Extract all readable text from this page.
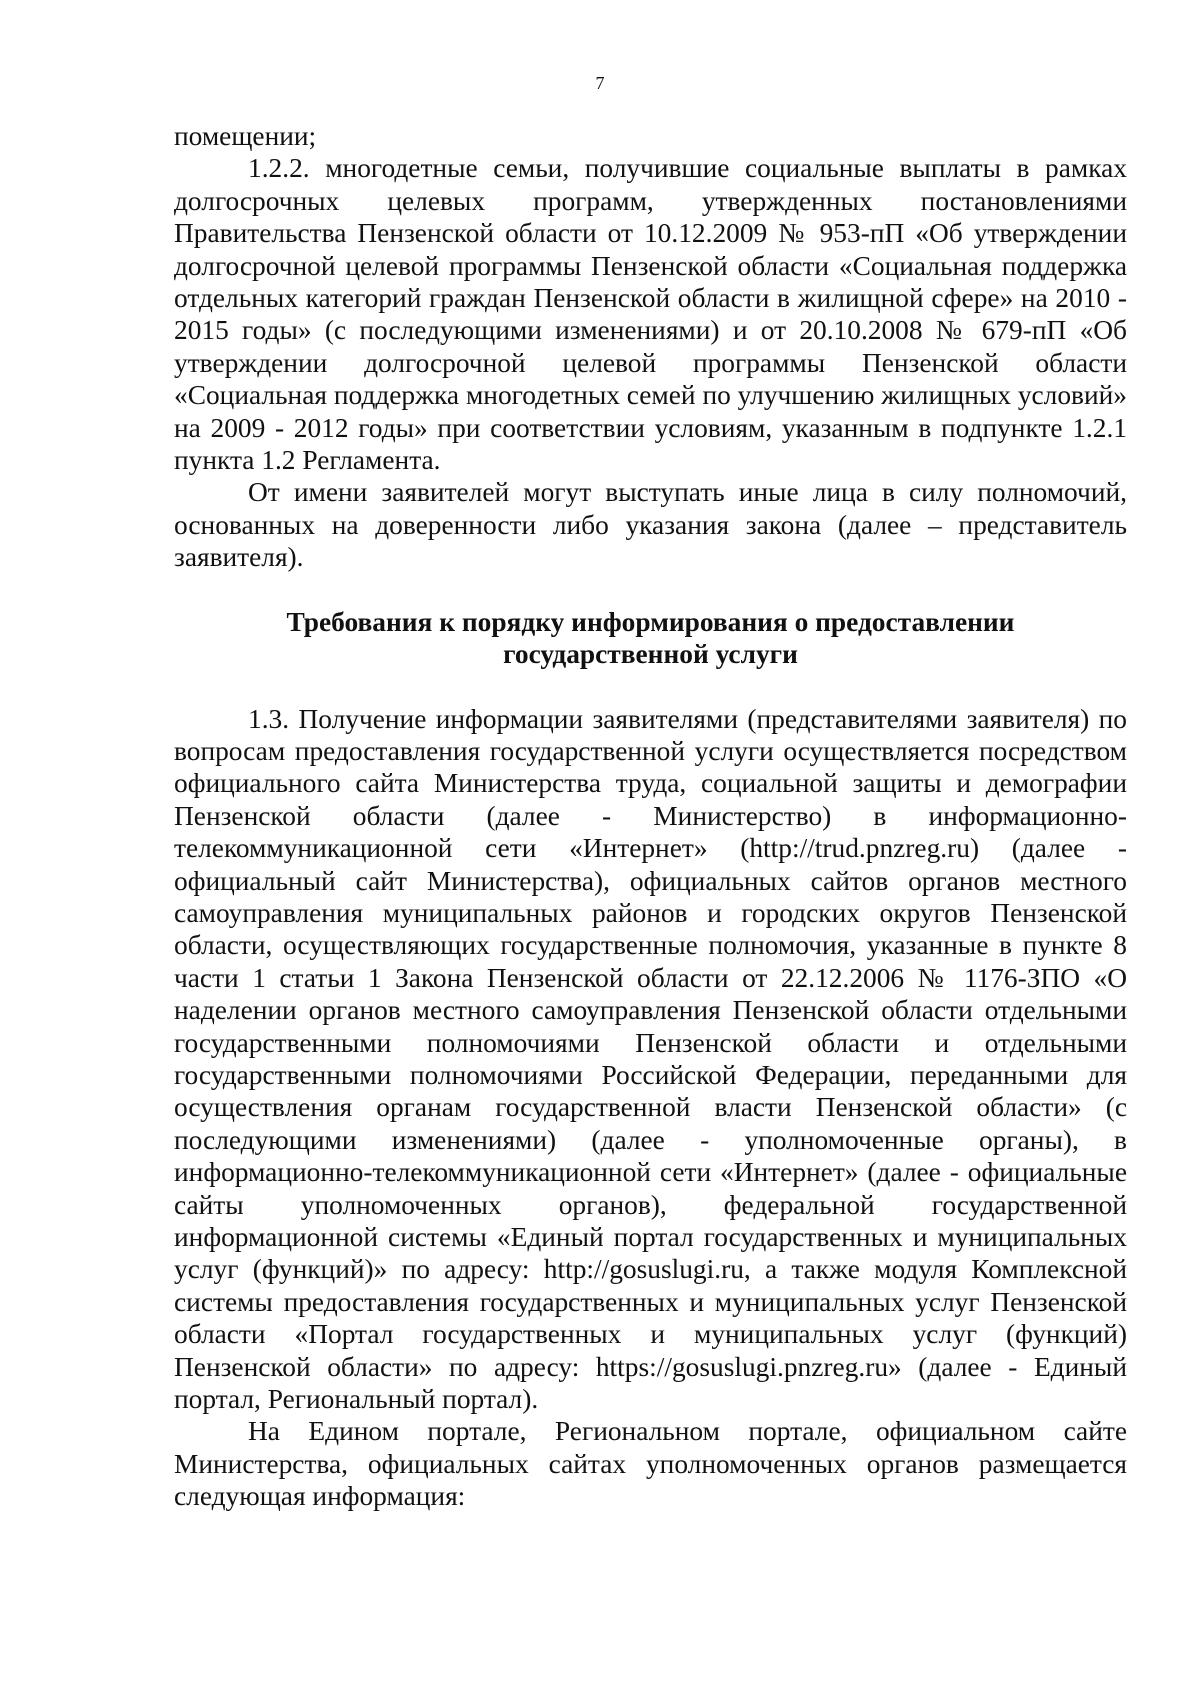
7

помещении;

1.2.2. многодетные семьи, получившие социальные выплаты в рамках долгосрочных целевых программ, утвержденных постановлениями Правительства Пензенской области от 10.12.2009 № 953-пП «Об утверждении долгосрочной целевой программы Пензенской области «Социальная поддержка отдельных категорий граждан Пензенской области в жилищной сфере» на 2010 - 2015 годы» (с последующими изменениями) и от 20.10.2008 № 679-пП «Об утверждении долгосрочной целевой программы Пензенской области «Социальная поддержка многодетных семей по улучшению жилищных условий» на 2009 - 2012 годы» при соответствии условиям, указанным в подпункте 1.2.1 пункта 1.2 Регламента.

От имени заявителей могут выступать иные лица в силу полномочий, основанных на доверенности либо указания закона (далее – представитель заявителя).

Требования к порядку информирования о предоставлении
государственной услуги

1.3. Получение информации заявителями (представителями заявителя) по вопросам предоставления государственной услуги осуществляется посредством официального сайта Министерства труда, социальной защиты и демографии Пензенской области (далее - Министерство) в информационно-телекоммуникационной сети «Интернет» (http://trud.pnzreg.ru) (далее - официальный сайт Министерства), официальных сайтов органов местного самоуправления муниципальных районов и городских округов Пензенской области, осуществляющих государственные полномочия, указанные в пункте 8 части 1 статьи 1 Закона Пензенской области от 22.12.2006 № 1176-ЗПО «О наделении органов местного самоуправления Пензенской области отдельными государственными полномочиями Пензенской области и отдельными государственными полномочиями Российской Федерации, переданными для осуществления органам государственной власти Пензенской области» (с последующими изменениями) (далее - уполномоченные органы), в информационно-телекоммуникационной сети «Интернет» (далее - официальные сайты уполномоченных органов), федеральной государственной информационной системы «Единый портал государственных и муниципальных услуг (функций)» по адресу: http://gosuslugi.ru, а также модуля Комплексной системы предоставления государственных и муниципальных услуг Пензенской области «Портал государственных и муниципальных услуг (функций) Пензенской области» по адресу: https://gosuslugi.pnzreg.ru» (далее - Единый портал, Региональный портал).

На Едином портале, Региональном портале, официальном сайте Министерства, официальных сайтах уполномоченных органов размещается следующая информация:
